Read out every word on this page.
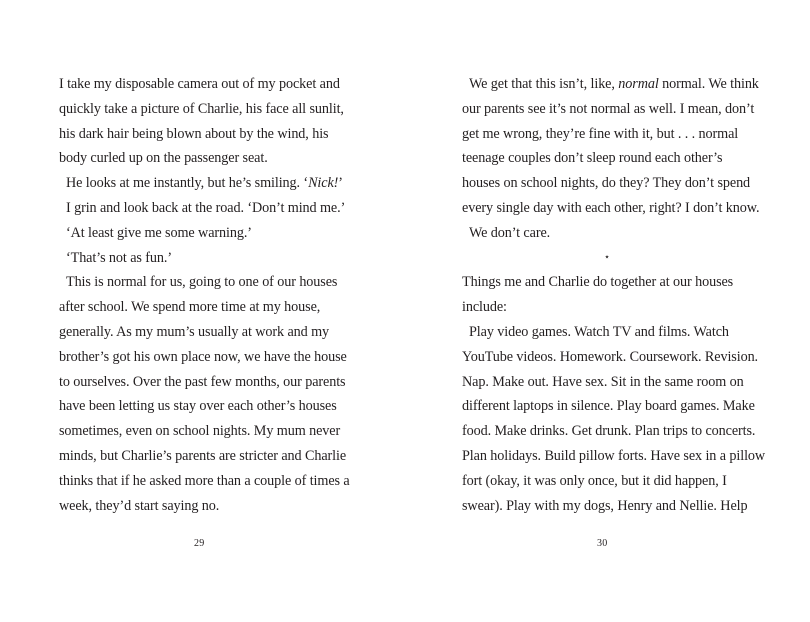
I take my disposable camera out of my pocket and
quickly take a picture of Charlie, his face all sunlit,
his dark hair being blown about by the wind, his
body curled up on the passenger seat.
He looks at me instantly, but he’s smiling. ‘Nick!’
I grin and look back at the road. ‘Don’t mind me.’
‘At least give me some warning.’
‘That’s not as fun.’
This is normal for us, going to one of our houses
after school. We spend more time at my house,
generally. As my mum’s usually at work and my
brother’s got his own place now, we have the house
to ourselves. Over the past few months, our parents
have been letting us stay over each other’s houses
sometimes, even on school nights. My mum never
minds, but Charlie’s parents are stricter and Charlie
thinks that if he asked more than a couple of times a
week, they’d start saying no.
We get that this isn’t, like, normal normal. We think
our parents see it’s not normal as well. I mean, don’t
get me wrong, they’re fine with it, but . . . normal
teenage couples don’t sleep round each other’s
houses on school nights, do they? They don’t spend
every single day with each other, right? I don’t know.
We don’t care.
⋆
Things me and Charlie do together at our houses
include:
Play video games. Watch TV and films. Watch
YouTube videos. Homework. Coursework. Revision.
Nap. Make out. Have sex. Sit in the same room on
different laptops in silence. Play board games. Make
food. Make drinks. Get drunk. Plan trips to concerts.
Plan holidays. Build pillow forts. Have sex in a pillow
fort (okay, it was only once, but it did happen, I
swear). Play with my dogs, Henry and Nellie. Help
29	30
